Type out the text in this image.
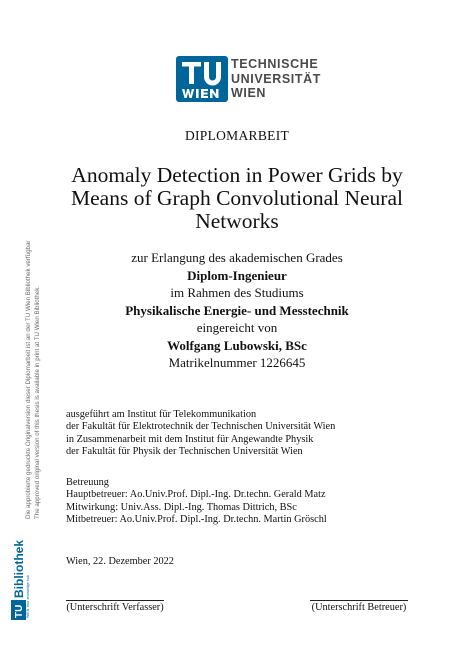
TECHNISCHE
UNIVERSITÄT
WIEN
DIPLOMARBEIT
Anomaly Detection in Power Grids by
Means of Graph Convolutional Neural
Networks
zur Erlangung des akademischen Grades
Diplom-Ingenieur
im Rahmen des Studiums
Physikalische Energie- und Messtechnik
eingereicht von
Wolfgang Lubowski, BSc
Matrikelnummer 1226645
ausgeführt am Institut für Telekommunikation
der Fakultät für Elektrotechnik der Technischen Universität Wien
in Zusammenarbeit mit dem Institut für Angewandte Physik
der Fakultät für Physik der Technischen Universität Wien
Betreuung
Hauptbetreuer: Ao.Univ.Prof. Dipl.-Ing. Dr.techn. Gerald Matz
Mitwirkung: Univ.Ass. Dipl.-Ing. Thomas Dittrich, BSc
Mitbetreuer: Ao.Univ.Prof. Dipl.-Ing. Dr.techn. Martin Gröschl
Wien, 22. Dezember 2022
(Unterschrift Verfasser)	(Unterschrift Betreuer)
Die approbierte gedruckte Originalversion dieser Diplomarbeit ist an der TU Wien Bibliothek verfügbar The approved original version of this thesis is available in print at TU Wien Bibliothek.
TU
Bibliothek WIEN Your knowledge hub
